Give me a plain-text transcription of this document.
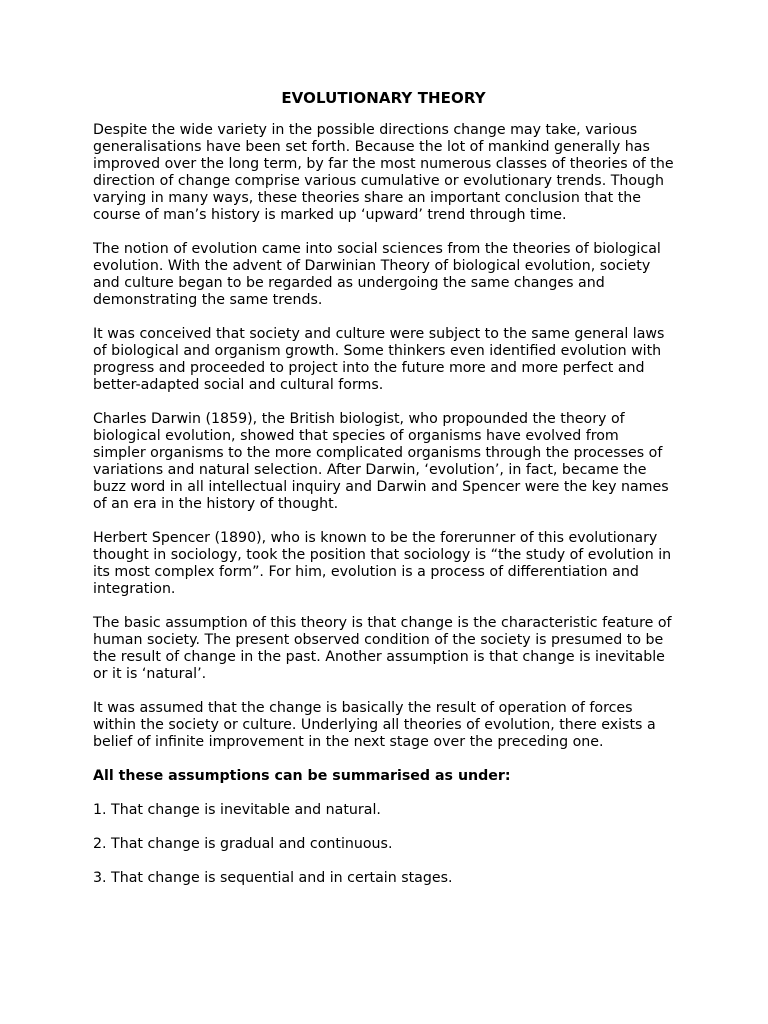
EVOLUTIONARY THEORY

Despite the wide variety in the possible directions change may take, various generalisations have been set forth. Because the lot of mankind generally has improved over the long term, by far the most numerous classes of theories of the direction of change comprise various cumulative or evolutionary trends. Though varying in many ways, these theories share an important conclusion that the course of man’s history is marked up ‘upward’ trend through time.

The notion of evolution came into social sciences from the theories of biological evolution. With the advent of Darwinian Theory of biological evolution, society and culture began to be regarded as undergoing the same changes and demonstrating the same trends.

It was conceived that society and culture were subject to the same general laws of biological and organism growth. Some thinkers even identified evolution with progress and proceeded to project into the future more and more perfect and better-adapted social and cultural forms.

Charles Darwin (1859), the British biologist, who propounded the theory of biological evolution, showed that species of organisms have evolved from simpler organisms to the more complicated organisms through the processes of variations and natural selection. After Darwin, ‘evolution’, in fact, became the buzz word in all intellectual inquiry and Darwin and Spencer were the key names of an era in the history of thought.

Herbert Spencer (1890), who is known to be the forerunner of this evolutionary thought in sociology, took the position that sociology is “the study of evolution in its most complex form”. For him, evolution is a process of differentiation and integration.

The basic assumption of this theory is that change is the characteristic feature of human society. The present observed condition of the society is presumed to be the result of change in the past. Another assumption is that change is inevitable or it is ‘natural’.

It was assumed that the change is basically the result of operation of forces within the society or culture. Underlying all theories of evolution, there exists a belief of infinite improvement in the next stage over the preceding one.

All these assumptions can be summarised as under:

1. That change is inevitable and natural.

2. That change is gradual and continuous.

3. That change is sequential and in certain stages.
